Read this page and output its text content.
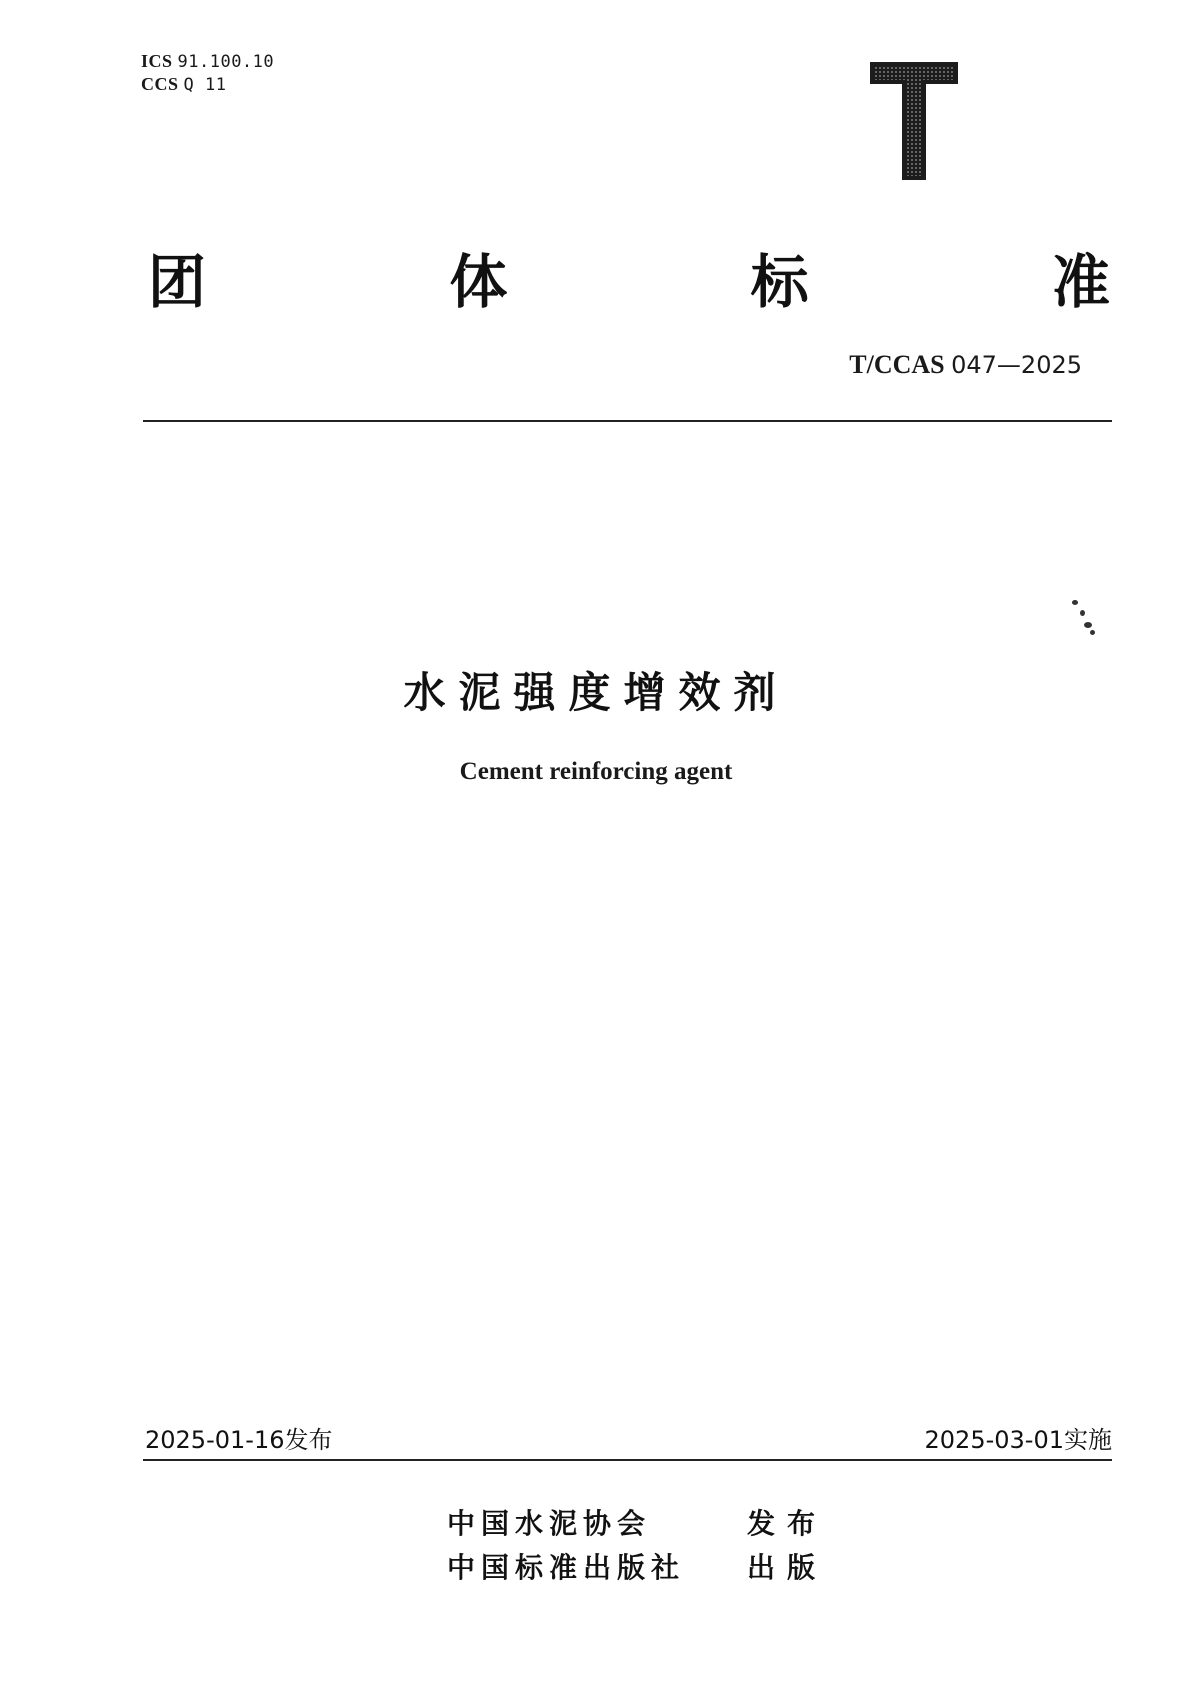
ICS 91.100.10
CCS Q 11
团	体	标	准
T/CCAS 047—2025
水泥强度增效剂
Cement reinforcing agent
2025-01-16发布	2025-03-01实施
中国水泥协会	发布
中国标准出版社 出版
